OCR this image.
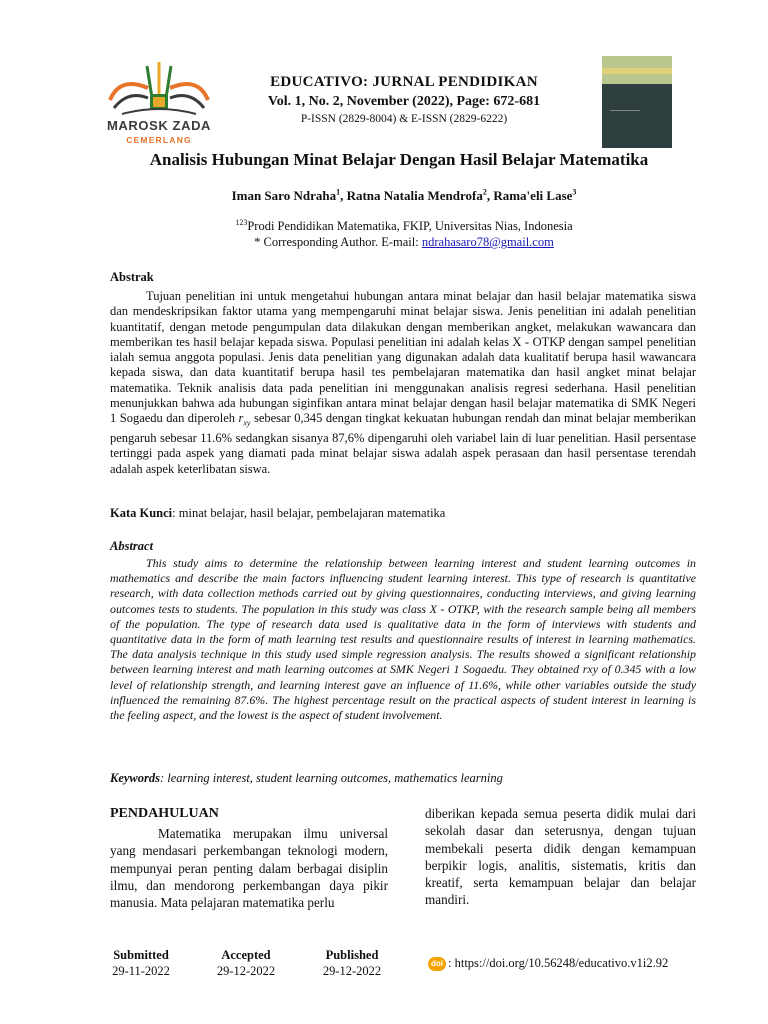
MAROSK ZADA
CEMERLANG
EDUCATIVO: JURNAL PENDIDIKAN
Vol. 1, No. 2, November (2022), Page: 672-681
P-ISSN (2829-8004) & E-ISSN (2829-6222)
Analisis Hubungan Minat Belajar Dengan Hasil Belajar Matematika
Iman Saro Ndraha$^1$, Ratna Natalia Mendrofa$^2$, Rama'eli Lase$^3$
$^{123}$Prodi Pendidikan Matematika, FKIP, Universitas Nias, Indonesia
* Corresponding Author. E-mail: ndrahasaro78@gmail.com
Abstrak
Tujuan penelitian ini untuk mengetahui hubungan antara minat belajar dan hasil belajar matematika siswa dan mendeskripsikan faktor utama yang mempengaruhi minat belajar siswa. Jenis penelitian ini adalah penelitian kuantitatif, dengan metode pengumpulan data dilakukan dengan memberikan angket, melakukan wawancara dan memberikan tes hasil belajar kepada siswa. Populasi penelitian ini adalah kelas X - OTKP dengan sampel penelitian ialah semua anggota populasi. Jenis data penelitian yang digunakan adalah data kualitatif berupa hasil wawancara kepada siswa, dan data kuantitatif berupa hasil tes pembelajaran matematika dan hasil angket minat belajar matematika. Teknik analisis data pada penelitian ini menggunakan analisis regresi sederhana. Hasil penelitian menunjukkan bahwa ada hubungan siginfikan antara minat belajar dengan hasil belajar matematika di SMK Negeri 1 Sogaedu dan diperoleh $r_{xy}$ sebesar 0,345 dengan tingkat kekuatan hubungan rendah dan minat belajar memberikan pengaruh sebesar 11.6% sedangkan sisanya 87,6% dipengaruhi oleh variabel lain di luar penelitian. Hasil persentase tertinggi pada aspek yang diamati pada minat belajar siswa adalah aspek perasaan dan hasil persentase terendah adalah aspek keterlibatan siswa.
Kata Kunci: minat belajar, hasil belajar, pembelajaran matematika
Abstract
This study aims to determine the relationship between learning interest and student learning outcomes in mathematics and describe the main factors influencing student learning interest. This type of research is quantitative research, with data collection methods carried out by giving questionnaires, conducting interviews, and giving learning outcomes tests to students. The population in this study was class X - OTKP, with the research sample being all members of the population. The type of research data used is qualitative data in the form of interviews with students and quantitative data in the form of math learning test results and questionnaire results of interest in learning mathematics. The data analysis technique in this study used simple regression analysis. The results showed a significant relationship between learning interest and math learning outcomes at SMK Negeri 1 Sogaedu. They obtained rxy of 0.345 with a low level of relationship strength, and learning interest gave an influence of 11.6%, while other variables outside the study influenced the remaining 87.6%. The highest percentage result on the practical aspects of student interest in learning is the feeling aspect, and the lowest is the aspect of student involvement.
Keywords: learning interest, student learning outcomes, mathematics learning
PENDAHULUAN
Matematika merupakan ilmu universal yang mendasari perkembangan teknologi modern, mempunyai peran penting dalam berbagai disiplin ilmu, dan mendorong perkembangan daya pikir manusia. Mata pelajaran matematika perlu
diberikan kepada semua peserta didik mulai dari sekolah dasar dan seterusnya, dengan tujuan membekali peserta didik dengan kemampuan berpikir logis, analitis, sistematis, kritis dan kreatif, serta kemampuan belajar dan belajar mandiri.
Submitted
29-11-2022
Accepted
29-12-2022
Published
29-12-2022
doi : https://doi.org/10.56248/educativo.v1i2.92
